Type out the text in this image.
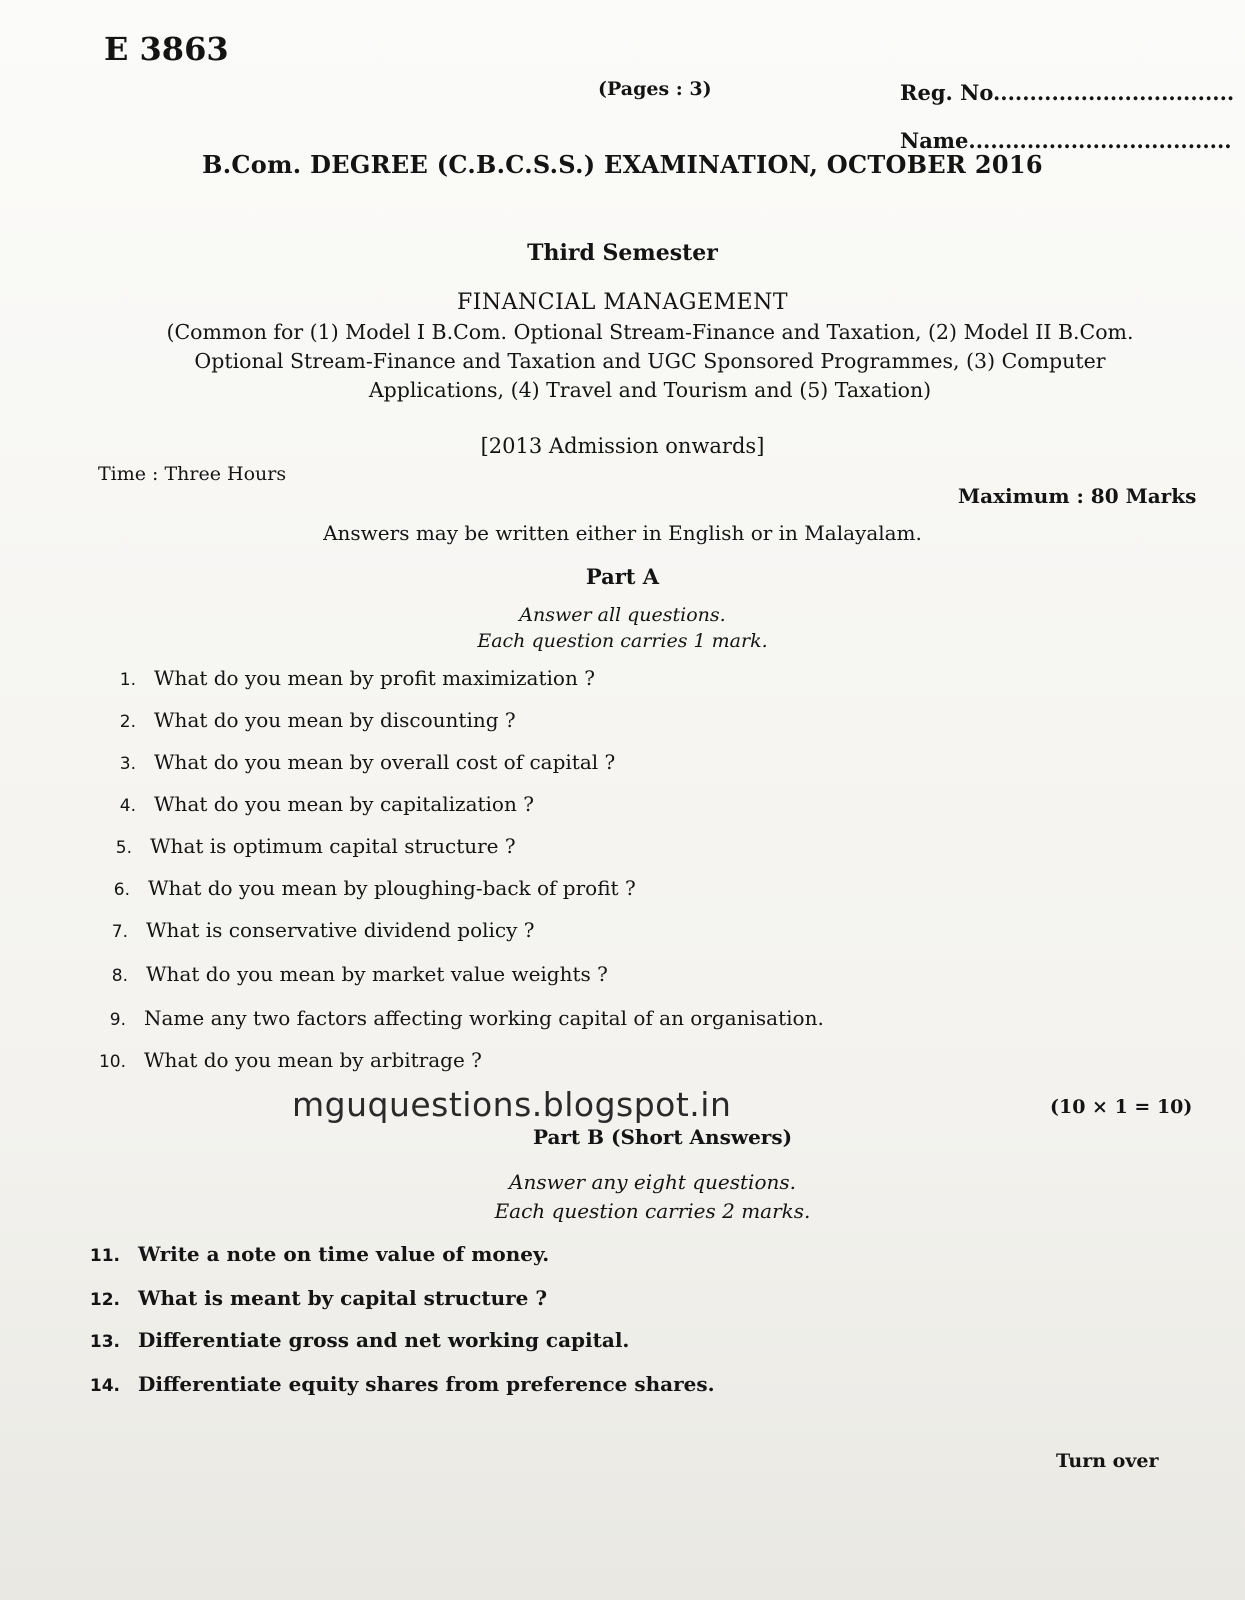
E 3863
(Pages : 3)	Reg. No.................................
Name....................................
B.Com. DEGREE (C.B.C.S.S.) EXAMINATION, OCTOBER 2016
Third Semester
FINANCIAL MANAGEMENT
(Common for (1) Model I B.Com. Optional Stream-Finance and Taxation, (2) Model II B.Com. Optional Stream-Finance and Taxation and UGC Sponsored Programmes, (3) Computer Applications, (4) Travel and Tourism and (5) Taxation)
[2013 Admission onwards]
Time : Three Hours
Maximum : 80 Marks
Answers may be written either in English or in Malayalam.
Part A
Answer all questions.
Each question carries 1 mark.
1. What do you mean by profit maximization ?
2. What do you mean by discounting ?
3. What do you mean by overall cost of capital ?
4. What do you mean by capitalization ?
5. What is optimum capital structure ?
6. What do you mean by ploughing-back of profit ?
7. What is conservative dividend policy ?
8. What do you mean by market value weights ?
9. Name any two factors affecting working capital of an organisation.
10. What do you mean by arbitrage ?
mguquestions.blogspot.in	(10 × 1 = 10)
Part B (Short Answers)
Answer any eight questions.
Each question carries 2 marks.
11. Write a note on time value of money.
12. What is meant by capital structure ?
13. Differentiate gross and net working capital.
14. Differentiate equity shares from preference shares.
Turn over
